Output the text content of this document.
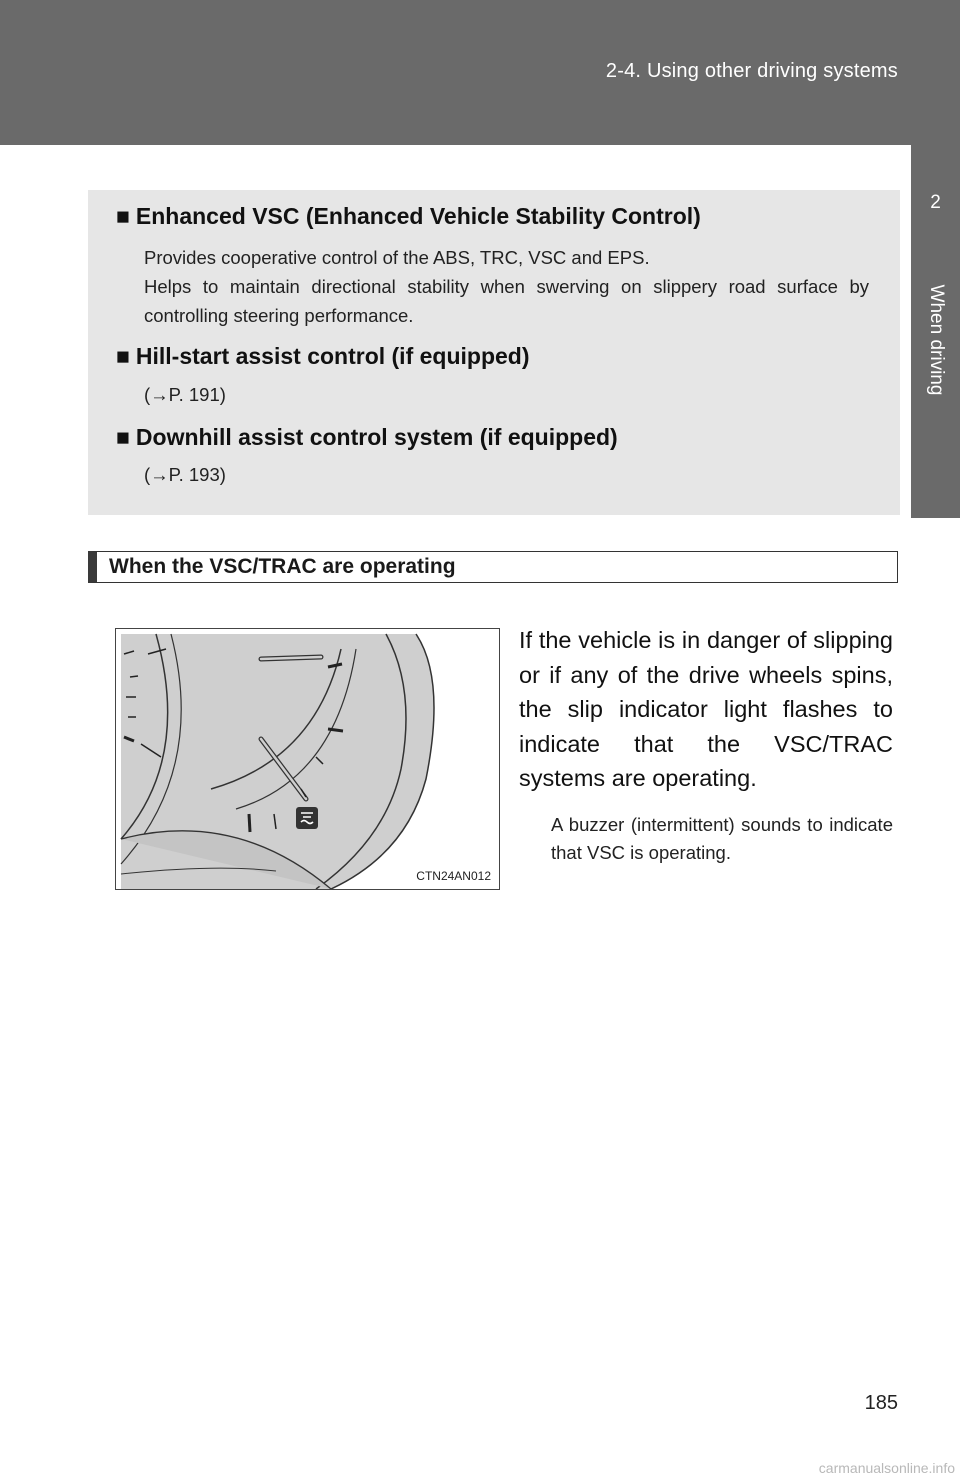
2-4. Using other driving systems
2
When driving
■ Enhanced VSC (Enhanced Vehicle Stability Control)
Provides cooperative control of the ABS, TRC, VSC and EPS.
Helps to maintain directional stability when swerving on slippery road surface by controlling steering performance.
■ Hill-start assist control (if equipped)
(→P. 191)
■ Downhill assist control system (if equipped)
(→P. 193)
When the VSC/TRAC are operating
CTN24AN012
If the vehicle is in danger of slipping or if any of the drive wheels spins, the slip indicator light flashes to indicate that the VSC/TRAC systems are operating.
A buzzer (intermittent) sounds to indicate that VSC is operating.
185
carmanualsonline.info
